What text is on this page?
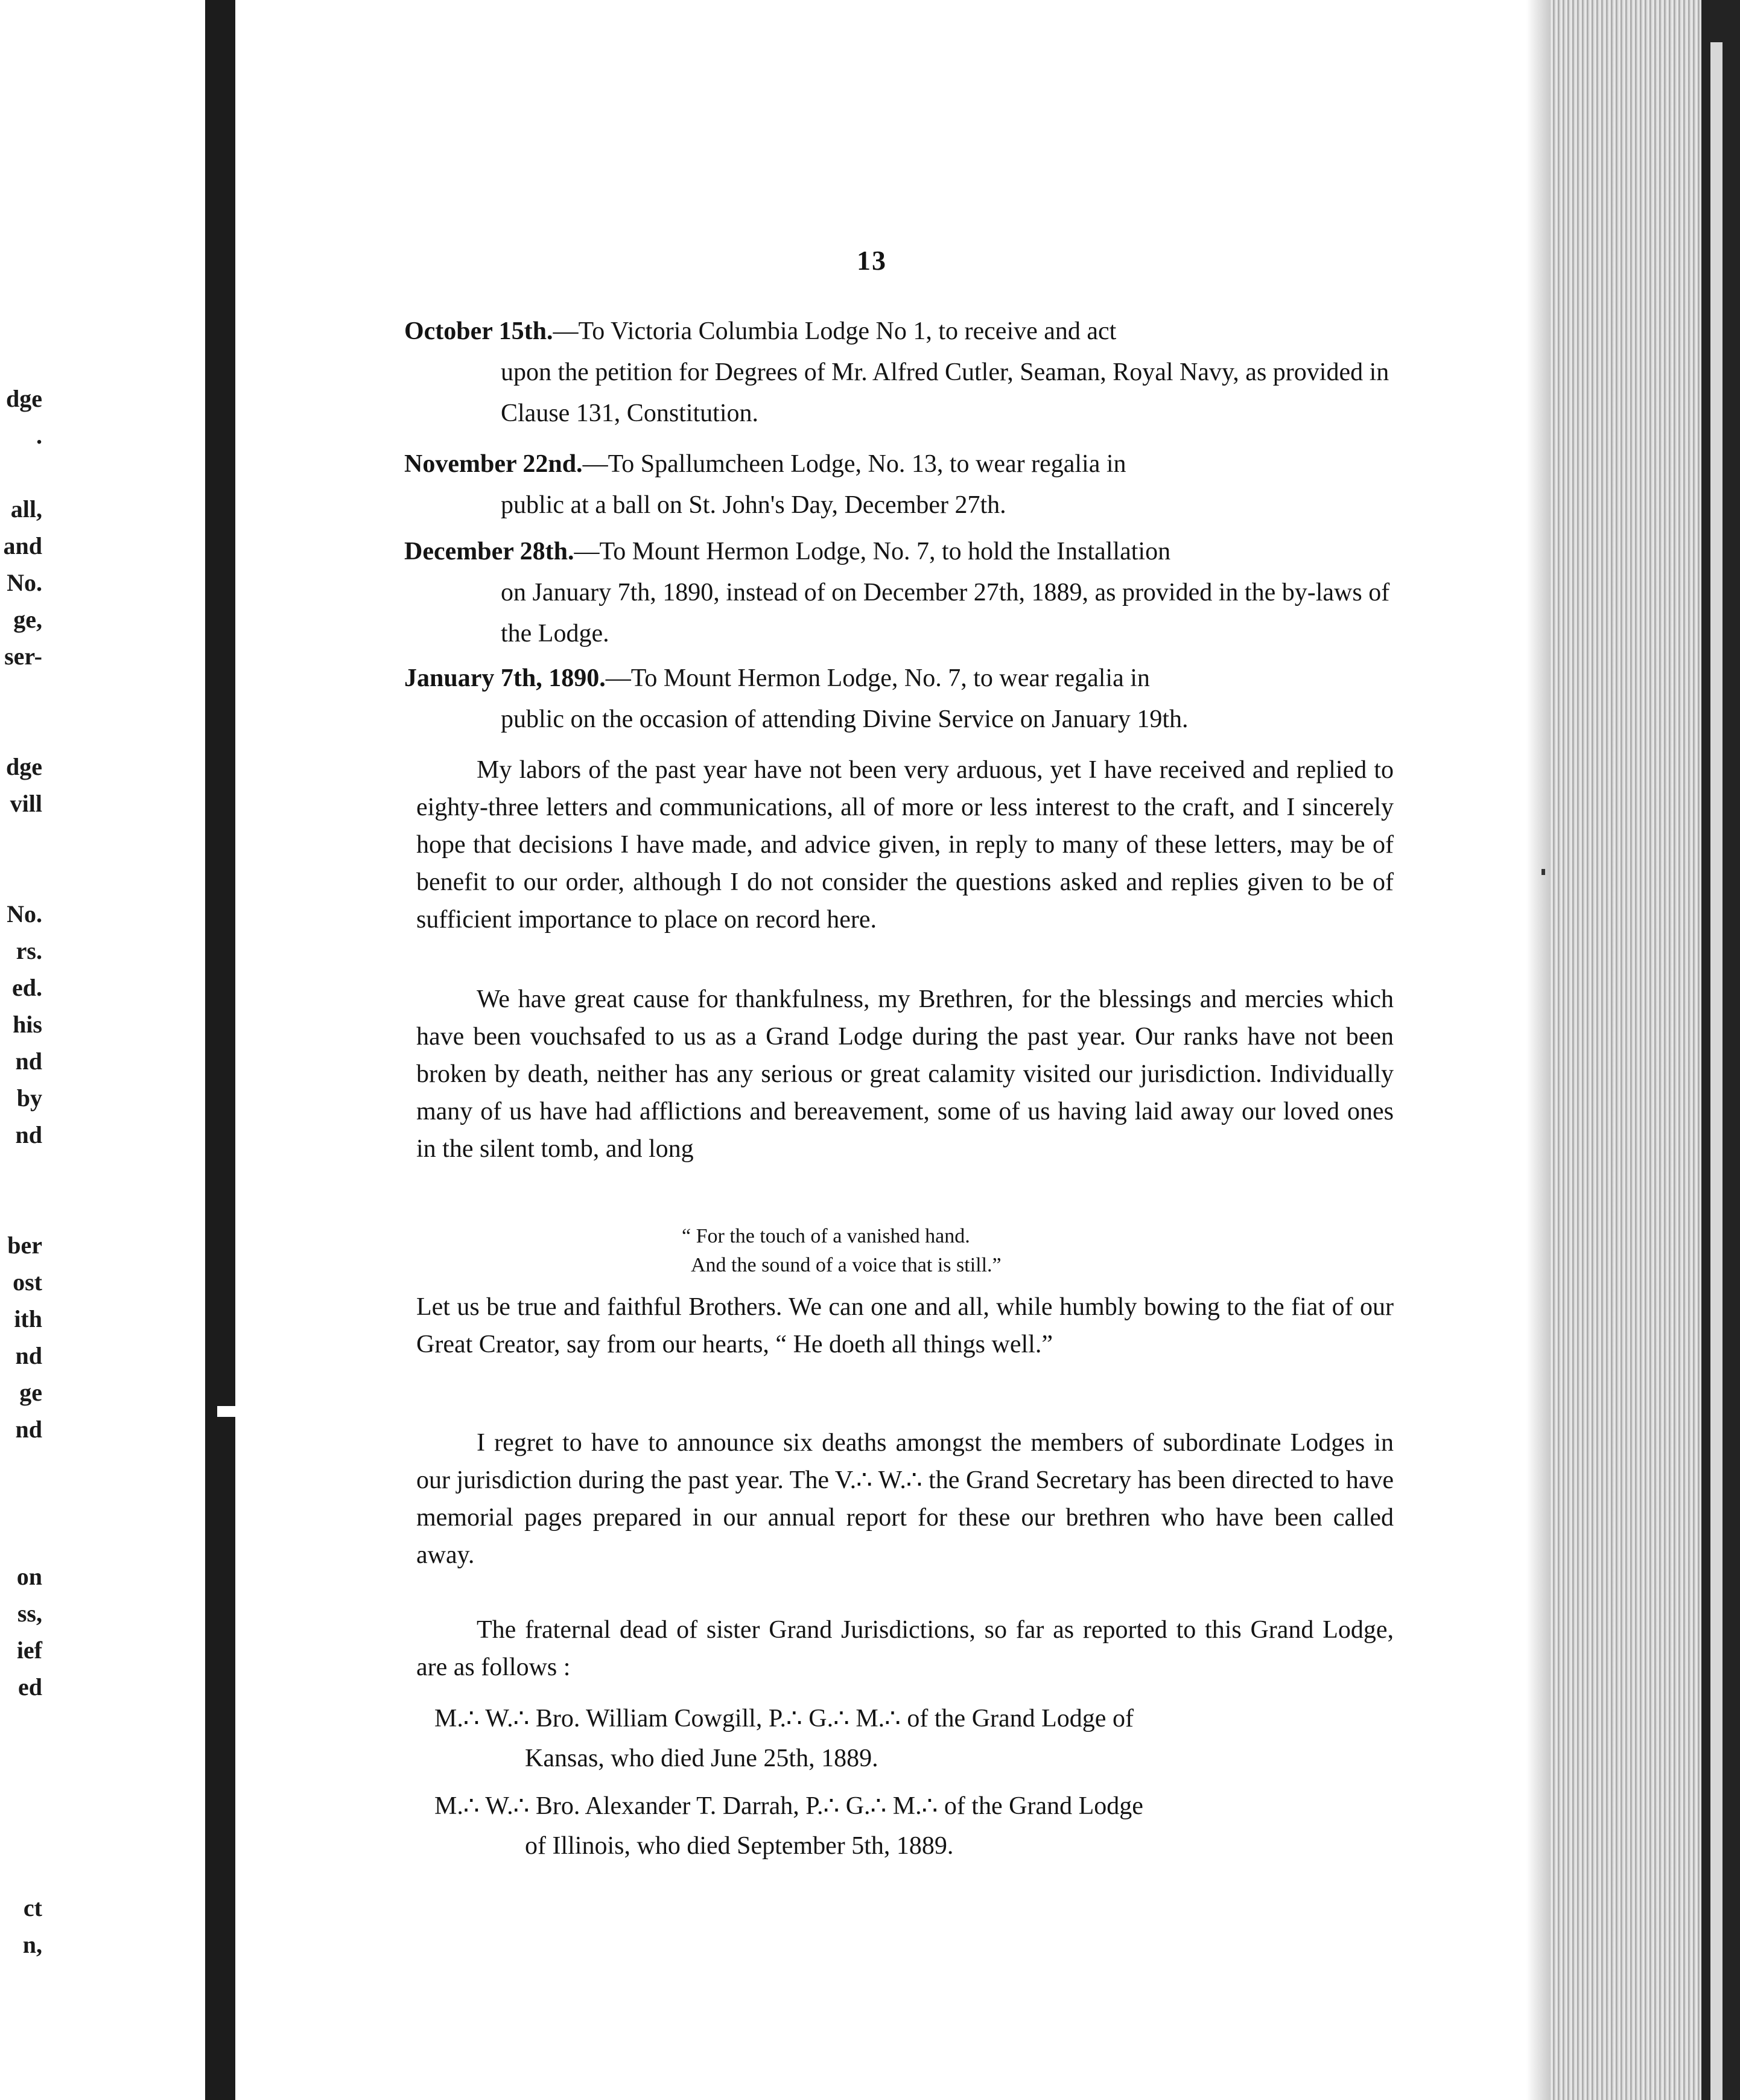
dge
.
all,
and
No.
ge,
ser-
dge
vill
No.
rs.
ed.
his
nd
by
nd
ber
ost
ith
nd
ge
nd
on
ss,
ief
ed
ct
n,
13
October 15th.—To Victoria Columbia Lodge No 1, to receive and act
upon the petition for Degrees of Mr. Alfred Cutler, Seaman, Royal Navy, as provided in Clause 131, Constitution.
November 22nd.—To Spallumcheen Lodge, No. 13, to wear regalia in
public at a ball on St. John's Day, December 27th.
December 28th.—To Mount Hermon Lodge, No. 7, to hold the Installation
on January 7th, 1890, instead of on December 27th, 1889, as provided in the by-laws of the Lodge.
January 7th, 1890.—To Mount Hermon Lodge, No. 7, to wear regalia in
public on the occasion of attending Divine Service on January 19th.
My labors of the past year have not been very arduous, yet I have received and replied to eighty-three letters and communications, all of more or less interest to the craft, and I sincerely hope that decisions I have made, and advice given, in reply to many of these letters, may be of benefit to our order, although I do not consider the questions asked and replies given to be of sufficient importance to place on record here.
We have great cause for thankfulness, my Brethren, for the blessings and mercies which have been vouchsafed to us as a Grand Lodge during the past year. Our ranks have not been broken by death, neither has any serious or great calamity visited our jurisdiction. Individually many of us have had afflictions and bereavement, some of us having laid away our loved ones in the silent tomb, and long
“ For the touch of a vanished hand.
And the sound of a voice that is still.”
Let us be true and faithful Brothers. We can one and all, while humbly bowing to the fiat of our Great Creator, say from our hearts, “ He doeth all things well.”
I regret to have to announce six deaths amongst the members of subordinate Lodges in our jurisdiction during the past year. The V.∴ W.∴ the Grand Secretary has been directed to have memorial pages prepared in our annual report for these our brethren who have been called away.
The fraternal dead of sister Grand Jurisdictions, so far as reported to this Grand Lodge, are as follows :
M.∴ W.∴ Bro. William Cowgill, P.∴ G.∴ M.∴ of the Grand Lodge of
Kansas, who died June 25th, 1889.
M.∴ W.∴ Bro. Alexander T. Darrah, P.∴ G.∴ M.∴ of the Grand Lodge
of Illinois, who died September 5th, 1889.
